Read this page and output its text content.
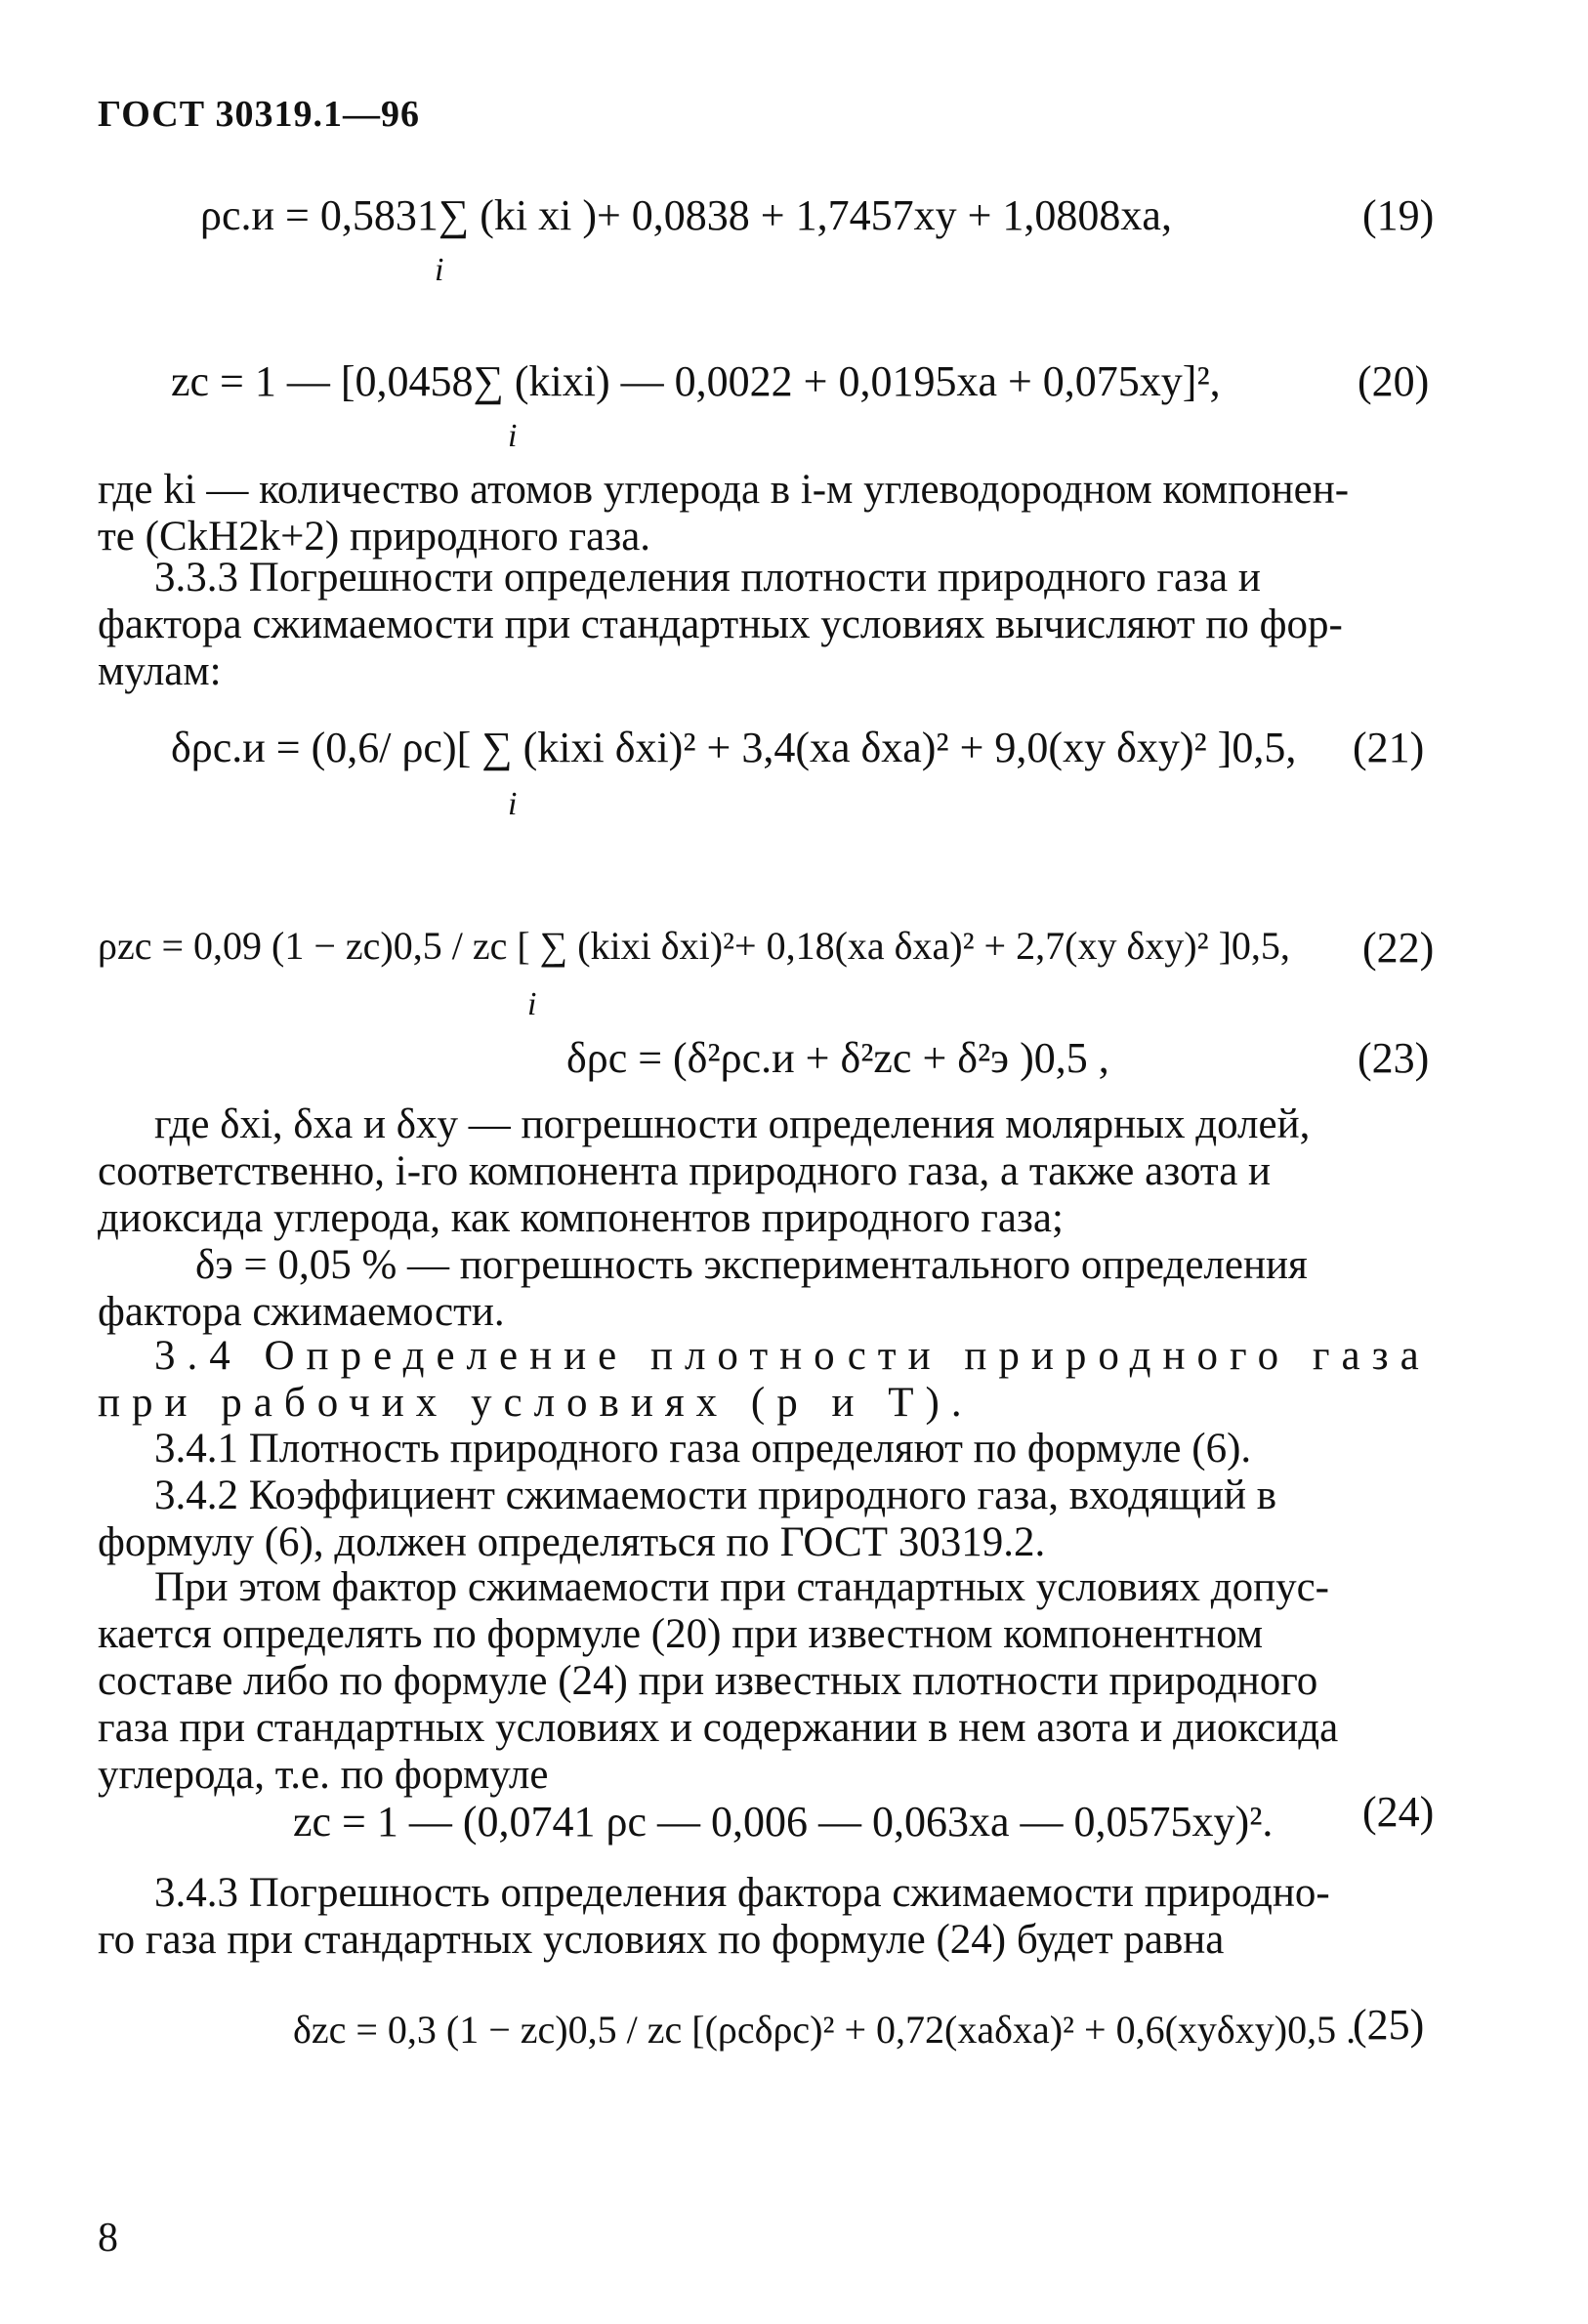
ГОСТ 30319.1—96
ρс.и = 0,5831∑ (ki xi )+ 0,0838 + 1,7457xу + 1,0808xа,
i
(19)
zc = 1 — [0,0458∑ (kixi) — 0,0022 + 0,0195xа + 0,075xу]²,
i
(20)
где ki — количество атомов углерода в i-м углеводородном компонен-
те (CkH2k+2) природного газа.
3.3.3 Погрешности определения плотности природного газа и
фактора сжимаемости при стандартных условиях вычисляют по фор-
мулам:
δρс.и = (0,6/ ρc)[ ∑ (kixi δxi)² + 3,4(xа δxа)² + 9,0(xу δxу)² ]0,5,
i
(21)
ρzc = 0,09 (1 − zc)0,5 / zc [ ∑ (kixi δxi)²+ 0,18(xа δxа)² + 2,7(xу δxу)² ]0,5,
i
(22)
δρc = (δ²ρс.и + δ²zc + δ²э )0,5 ,	(23)
где δxi, δxа и δxу — погрешности определения молярных долей,
соответственно, i-го компонента природного газа, а также азота и
диоксида углерода, как компонентов природного газа;
δэ = 0,05 % — погрешность экспериментального определения
фактора сжимаемости.
3.4 Определение плотности природного газа
при рабочих условиях (p и T).
3.4.1 Плотность природного газа определяют по формуле (6).
3.4.2 Коэффициент сжимаемости природного газа, входящий в
формулу (6), должен определяться по ГОСТ 30319.2.
При этом фактор сжимаемости при стандартных условиях допус-
кается определять по формуле (20) при известном компонентном
составе либо по формуле (24) при известных плотности природного
газа при стандартных условиях и содержании в нем азота и диоксида
углерода, т.е. по формуле
zc = 1 — (0,0741 ρc — 0,006 — 0,063xа — 0,0575xу)². (24)
3.4.3 Погрешность определения фактора сжимаемости природно-
го газа при стандартных условиях по формуле (24) будет равна
δzc = 0,3 (1 − zc)0,5 / zc [(ρcδρc)² + 0,72(xаδxа)² + 0,6(xуδxу)0,5 .
(25)
8
